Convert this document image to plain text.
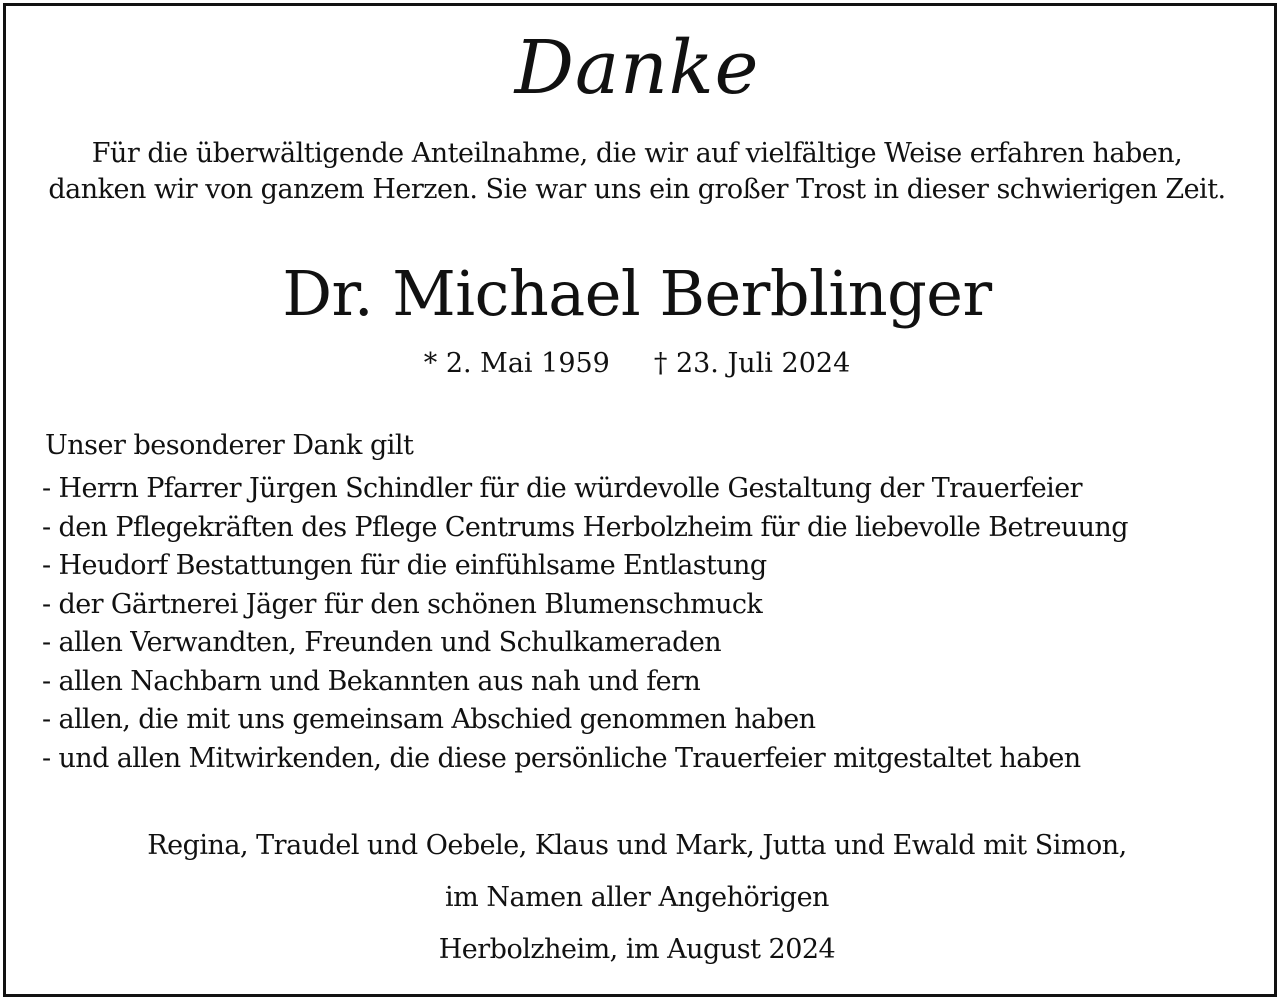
Danke
Für die überwältigende Anteilnahme, die wir auf vielfältige Weise erfahren haben,
danken wir von ganzem Herzen. Sie war uns ein großer Trost in dieser schwierigen Zeit.
Dr. Michael Berblinger
* 2. Mai 1959 † 23. Juli 2024
Unser besonderer Dank gilt
- Herrn Pfarrer Jürgen Schindler für die würdevolle Gestaltung der Trauerfeier
- den Pflegekräften des Pflege Centrums Herbolzheim für die liebevolle Betreuung
- Heudorf Bestattungen für die einfühlsame Entlastung
- der Gärtnerei Jäger für den schönen Blumenschmuck
- allen Verwandten, Freunden und Schulkameraden
- allen Nachbarn und Bekannten aus nah und fern
- allen, die mit uns gemeinsam Abschied genommen haben
- und allen Mitwirkenden, die diese persönliche Trauerfeier mitgestaltet haben
Regina, Traudel und Oebele, Klaus und Mark, Jutta und Ewald mit Simon,
im Namen aller Angehörigen
Herbolzheim, im August 2024
